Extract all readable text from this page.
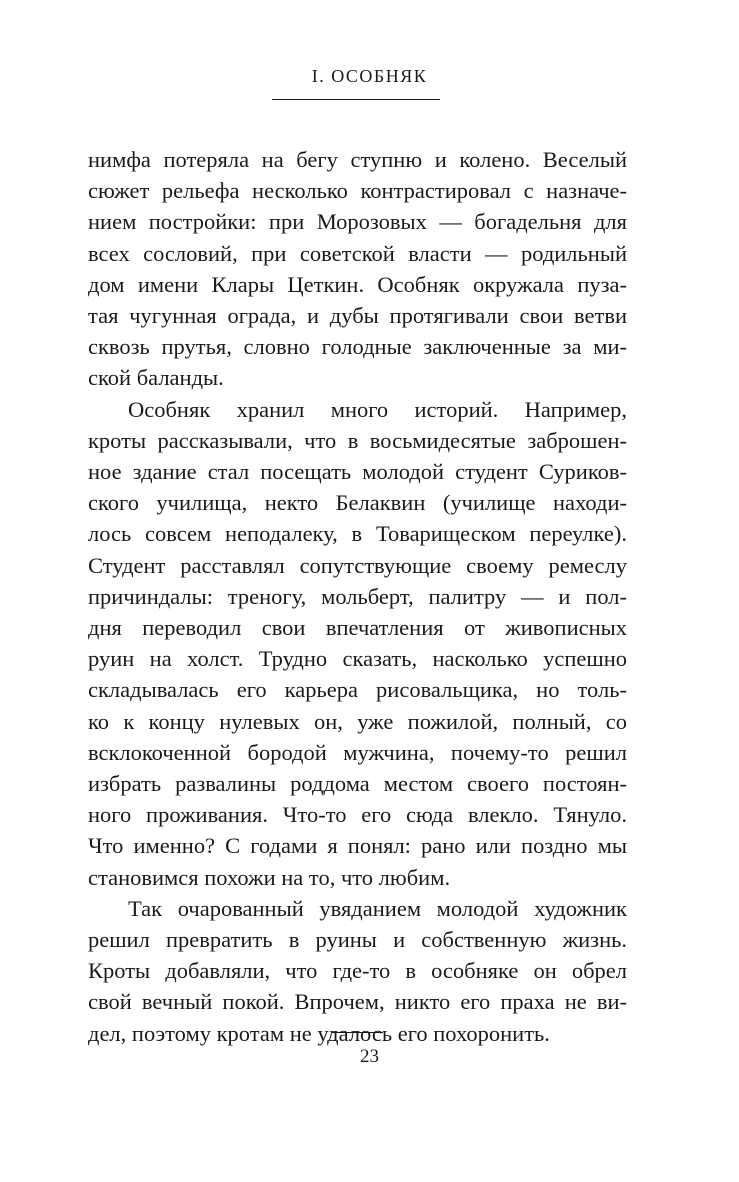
I. ОСОБНЯК
нимфа потеряла на бегу ступню и колено. Веселый
сюжет рельефа несколько контрастировал с назначе-
нием постройки: при Морозовых — богадельня для
всех сословий, при советской власти — родильный
дом имени Клары Цеткин. Особняк окружала пуза-
тая чугунная ограда, и дубы протягивали свои ветви
сквозь прутья, словно голодные заключенные за ми-
ской баланды.
Особняк хранил много историй. Например,
кроты рассказывали, что в восьмидесятые заброшен-
ное здание стал посещать молодой студент Суриков-
ского училища, некто Белаквин (училище находи-
лось совсем неподалеку, в Товарищеском переулке).
Студент расставлял сопутствующие своему ремеслу
причиндалы: треногу, мольберт, палитру — и пол-
дня переводил свои впечатления от живописных
руин на холст. Трудно сказать, насколько успешно
складывалась его карьера рисовальщика, но толь-
ко к концу нулевых он, уже пожилой, полный, со
всклокоченной бородой мужчина, почему-то решил
избрать развалины роддома местом своего постоян-
ного проживания. Что-то его сюда влекло. Тянуло.
Что именно? С годами я понял: рано или поздно мы
становимся похожи на то, что любим.
Так очарованный увяданием молодой художник
решил превратить в руины и собственную жизнь.
Кроты добавляли, что где-то в особняке он обрел
свой вечный покой. Впрочем, никто его праха не ви-
дел, поэтому кротам не удалось его похоронить.
23
